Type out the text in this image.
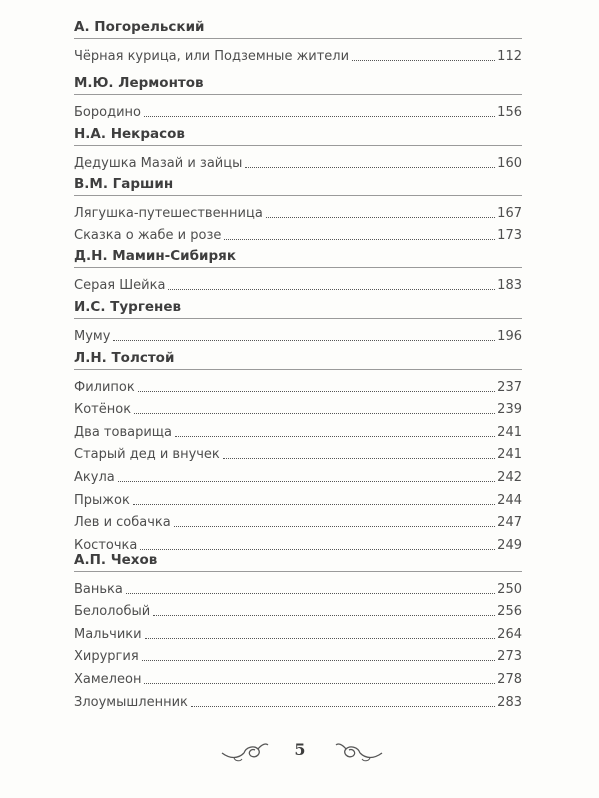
А. Погорельский
Чёрная курица, или Подземные жители	112
М.Ю. Лермонтов
Бородино	156
Н.А. Некрасов
Дедушка Мазай и зайцы	160
В.М. Гаршин
Лягушка-путешественница	167
Сказка о жабе и розе	173
Д.Н. Мамин-Сибиряк
Серая Шейка	183
И.С. Тургенев
Муму	196
Л.Н. Толстой
Филипок	237
Котёнок	239
Два товарища	241
Старый дед и внучек	241
Акула	242
Прыжок	244
Лев и собачка	247
Косточка	249
А.П. Чехов
Ванька	250
Белолобый	256
Мальчики	264
Хирургия	273
Хамелеон	278
Злоумышленник	283
5
